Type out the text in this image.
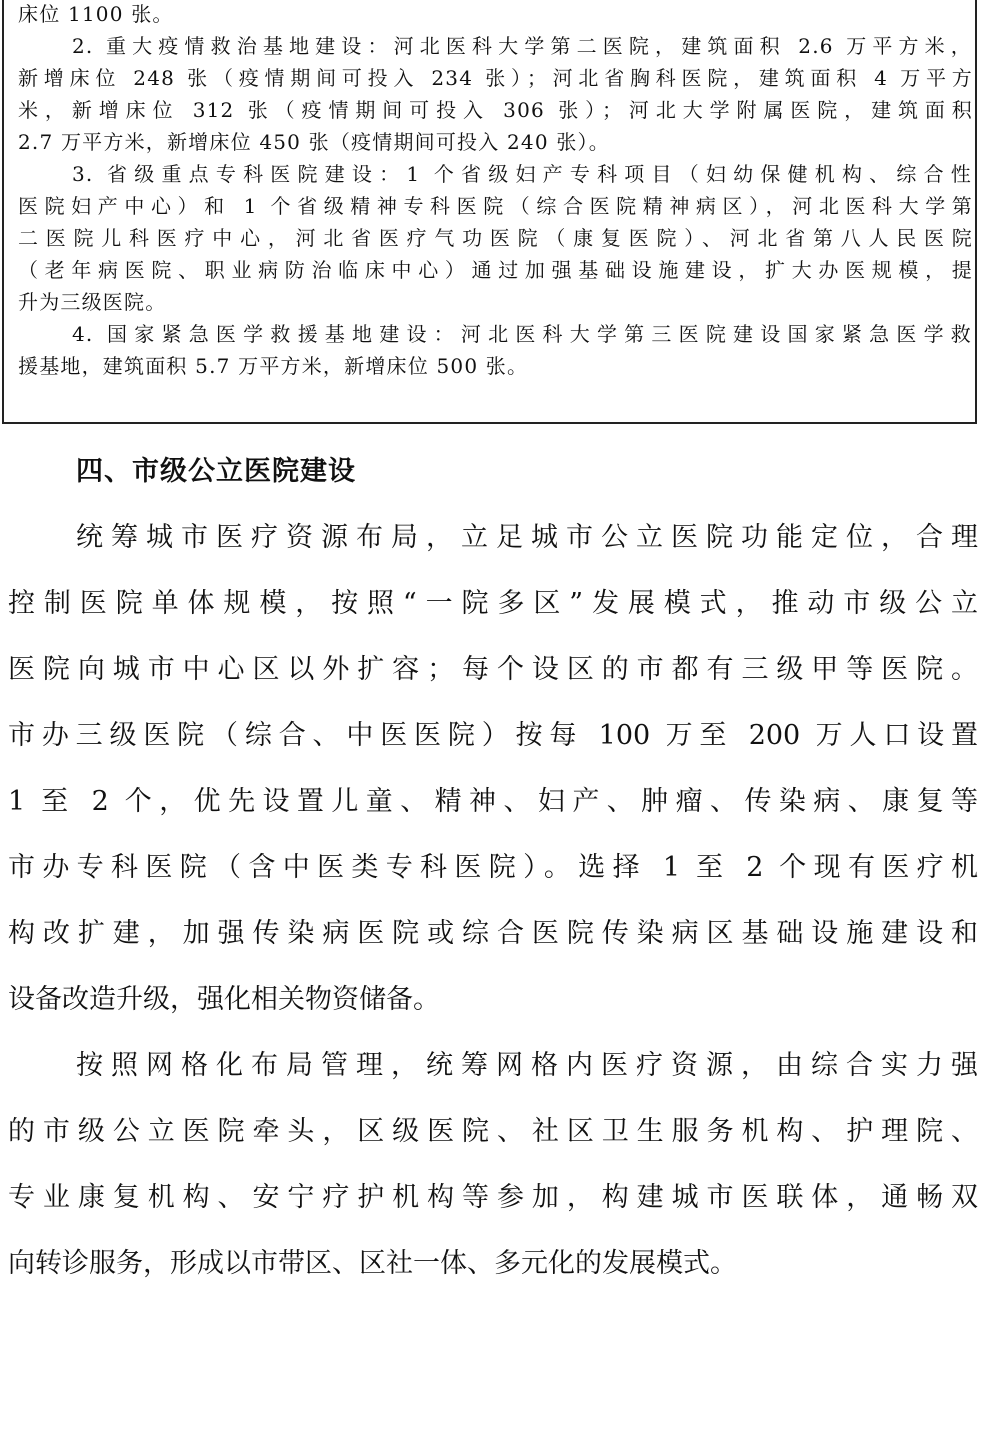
床位 1100 张。
2. 重大疫情救治基地建设：河北医科大学第二医院，建筑面积 2.6 万平方米，
新增床位 248 张（疫情期间可投入 234 张）；河北省胸科医院，建筑面积 4 万平方
米，新增床位 312 张（疫情期间可投入 306 张）；河北大学附属医院，建筑面积
2.7 万平方米，新增床位 450 张（疫情期间可投入 240 张）。
3. 省级重点专科医院建设：1 个省级妇产专科项目（妇幼保健机构、综合性
医院妇产中心）和 1 个省级精神专科医院（综合医院精神病区），河北医科大学第
二医院儿科医疗中心，河北省医疗气功医院（康复医院）、河北省第八人民医院
（老年病医院、职业病防治临床中心）通过加强基础设施建设，扩大办医规模，提
升为三级医院。
4. 国家紧急医学救援基地建设：河北医科大学第三医院建设国家紧急医学救
援基地，建筑面积 5.7 万平方米，新增床位 500 张。
四、市级公立医院建设
统筹城市医疗资源布局，立足城市公立医院功能定位，合理
控制医院单体规模，按照“一院多区”发展模式，推动市级公立
医院向城市中心区以外扩容；每个设区的市都有三级甲等医院。
市办三级医院（综合、中医医院）按每 100 万至 200 万人口设置
1 至 2 个，优先设置儿童、精神、妇产、肿瘤、传染病、康复等
市办专科医院（含中医类专科医院）。选择 1 至 2 个现有医疗机
构改扩建，加强传染病医院或综合医院传染病区基础设施建设和
设备改造升级，强化相关物资储备。
按照网格化布局管理，统筹网格内医疗资源，由综合实力强
的市级公立医院牵头，区级医院、社区卫生服务机构、护理院、
专业康复机构、安宁疗护机构等参加，构建城市医联体，通畅双
向转诊服务，形成以市带区、区社一体、多元化的发展模式。
